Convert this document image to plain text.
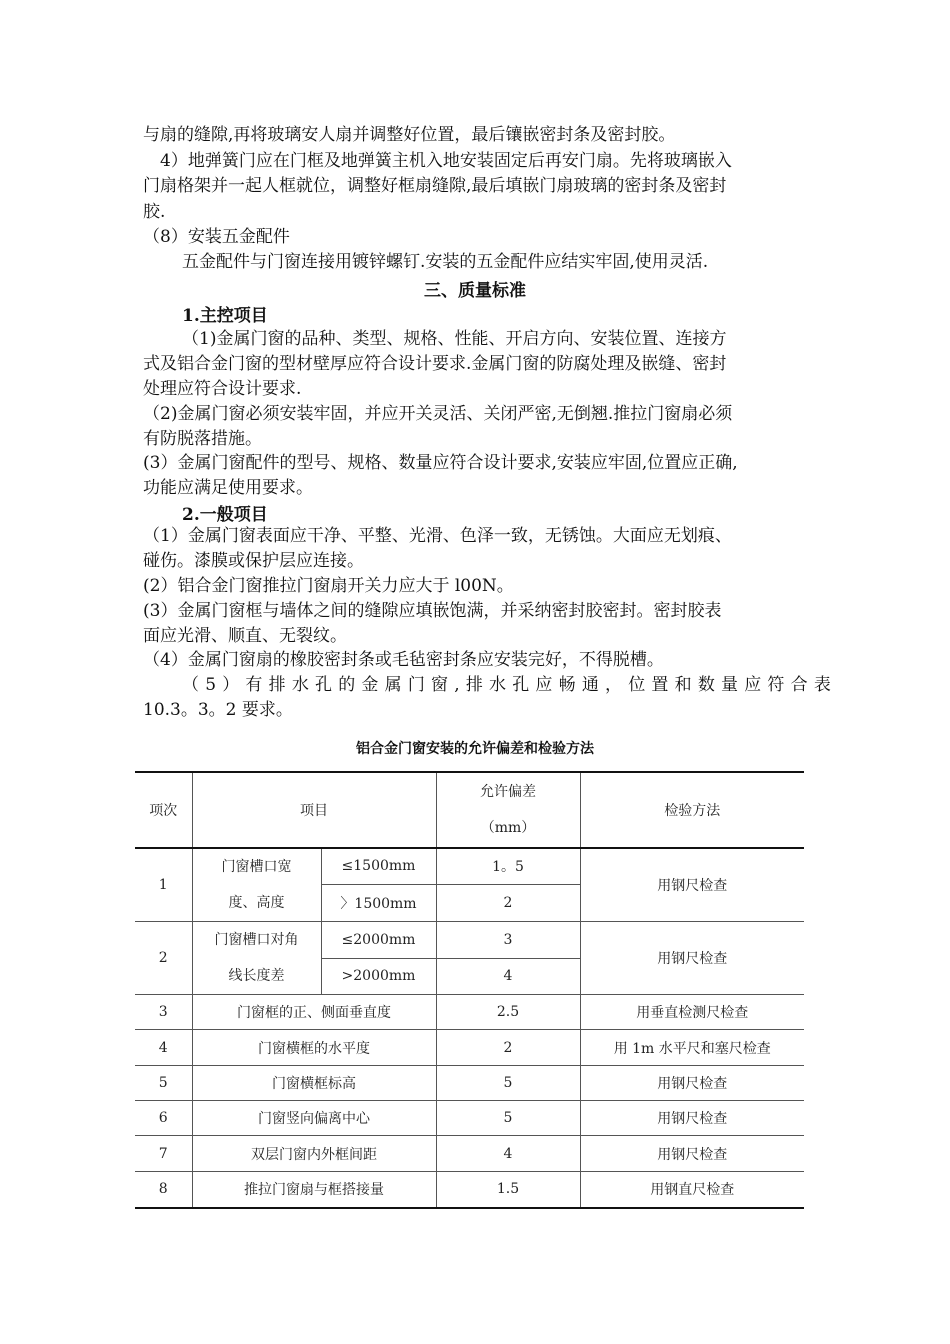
与扇的缝隙,再将玻璃安人扇并调整好位置，最后镶嵌密封条及密封胶。
4）地弹簧门应在门框及地弹簧主机入地安装固定后再安门扇。先将玻璃嵌入
门扇格架并一起人框就位，调整好框扇缝隙,最后填嵌门扇玻璃的密封条及密封
胶.
（8）安装五金配件
五金配件与门窗连接用镀锌螺钉.安装的五金配件应结实牢固,使用灵活.
三、质量标准
1.主控项目
（1)金属门窗的品种、类型、规格、性能、开启方向、安装位置、连接方
式及铝合金门窗的型材壁厚应符合设计要求.金属门窗的防腐处理及嵌缝、密封
处理应符合设计要求.
（2)金属门窗必须安装牢固，并应开关灵活、关闭严密,无倒翘.推拉门窗扇必须
有防脱落措施。
(3）金属门窗配件的型号、规格、数量应符合设计要求,安装应牢固,位置应正确,
功能应满足使用要求。
2.一般项目
（1）金属门窗表面应干净、平整、光滑、色泽一致，无锈蚀。大面应无划痕、
碰伤。漆膜或保护层应连接。
(2）铝合金门窗推拉门窗扇开关力应大于 l00N。
(3）金属门窗框与墙体之间的缝隙应填嵌饱满，并采纳密封胶密封。密封胶表
面应光滑、顺直、无裂纹。
（4）金属门窗扇的橡胶密封条或毛毡密封条应安装完好，不得脱槽。
（5）有排水孔的金属门窗,排水孔应畅通，位置和数量应符合表
10.3。3。2 要求。
铝合金门窗安装的允许偏差和检验方法
项次	项目		允许偏差
（mm）	检验方法
1	门窗槽口宽
度、高度	≤1500mm	1。5	用钢尺检查
		〉1500mm	2	
2	门窗槽口对角
线长度差	≤2000mm	3	用钢尺检查
		>2000mm	4	
3	门窗框的正、侧面垂直度		2.5	用垂直检测尺检查
4	门窗横框的水平度		2	用 1m 水平尺和塞尺检查
5	门窗横框标高		5	用钢尺检查
6	门窗竖向偏离中心		5	用钢尺检查
7	双层门窗内外框间距		4	用钢尺检查
8	推拉门窗扇与框搭接量		1.5	用钢直尺检查
